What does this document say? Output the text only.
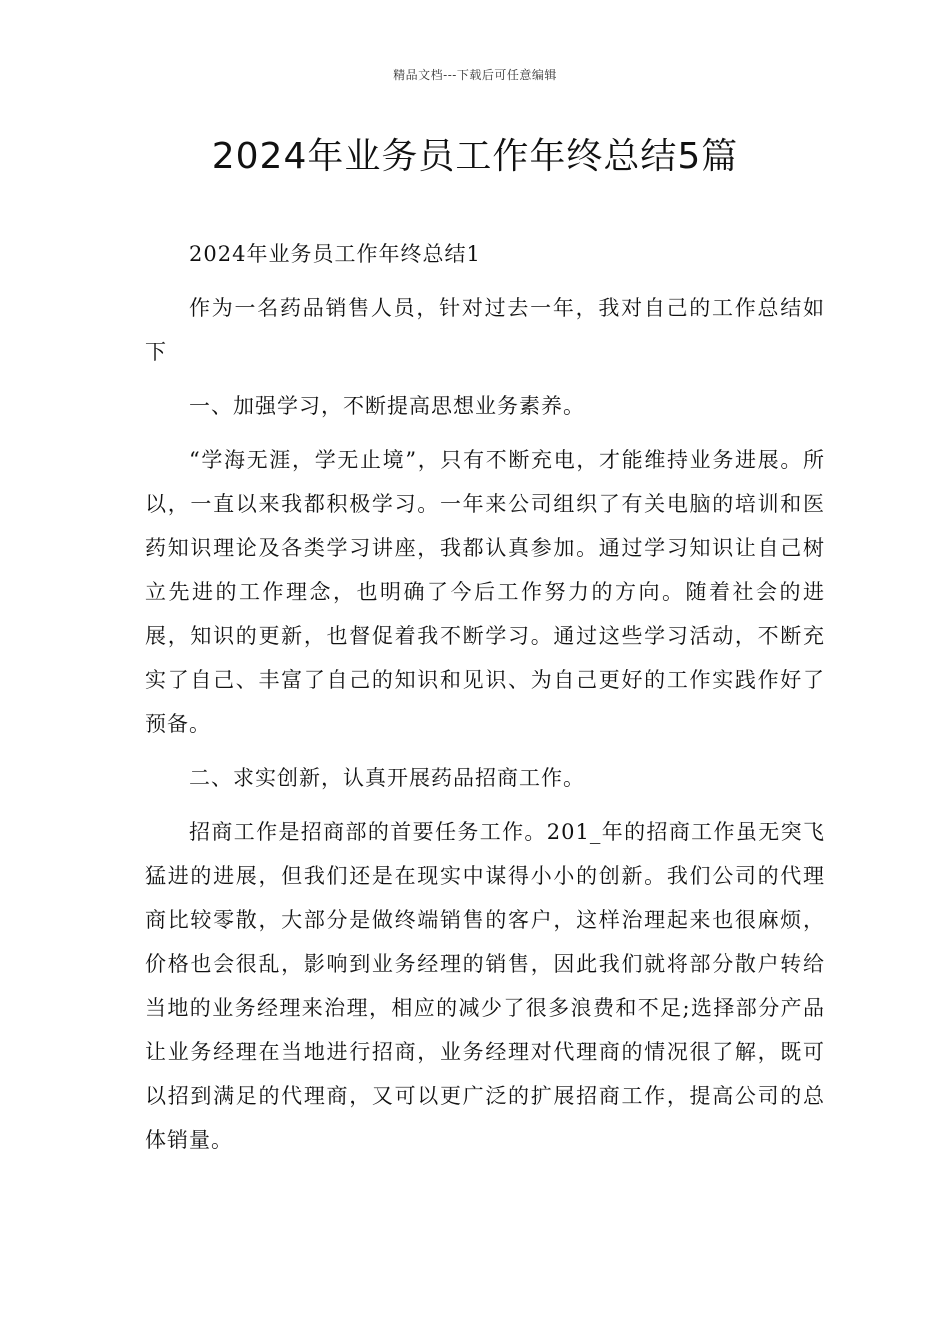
精品文档---下载后可任意编辑
2024年业务员工作年终总结5篇

2024年业务员工作年终总结1

作为一名药品销售人员，针对过去一年，我对自己的工作总结如下

一、加强学习，不断提高思想业务素养。

“学海无涯，学无止境”，只有不断充电，才能维持业务进展。所以，一直以来我都积极学习。一年来公司组织了有关电脑的培训和医药知识理论及各类学习讲座，我都认真参加。通过学习知识让自己树立先进的工作理念，也明确了今后工作努力的方向。随着社会的进展，知识的更新，也督促着我不断学习。通过这些学习活动，不断充实了自己、丰富了自己的知识和见识、为自己更好的工作实践作好了预备。

二、求实创新，认真开展药品招商工作。

招商工作是招商部的首要任务工作。201_年的招商工作虽无突飞猛进的进展，但我们还是在现实中谋得小小的创新。我们公司的代理商比较零散，大部分是做终端销售的客户，这样治理起来也很麻烦，价格也会很乱，影响到业务经理的销售，因此我们就将部分散户转给当地的业务经理来治理，相应的减少了很多浪费和不足;选择部分产品让业务经理在当地进行招商，业务经理对代理商的情况很了解，既可以招到满足的代理商，又可以更广泛的扩展招商工作，提高公司的总体销量。
